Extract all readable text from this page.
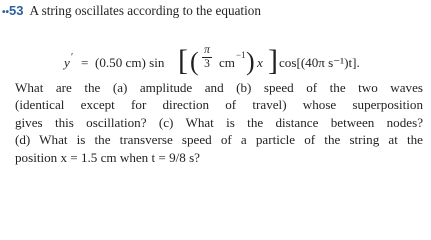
••53 A string oscillates according to the equation
y ′ = (0.50 cm) sin [ ( π
3 cm −1 ) x ] cos[(40π s⁻¹)t].
What are the (a) amplitude and (b) speed of the two waves
(identical except for direction of travel) whose superposition
gives this oscillation? (c) What is the distance between nodes?
(d) What is the transverse speed of a particle of the string at the
position x = 1.5 cm when t = 9/8 s?
